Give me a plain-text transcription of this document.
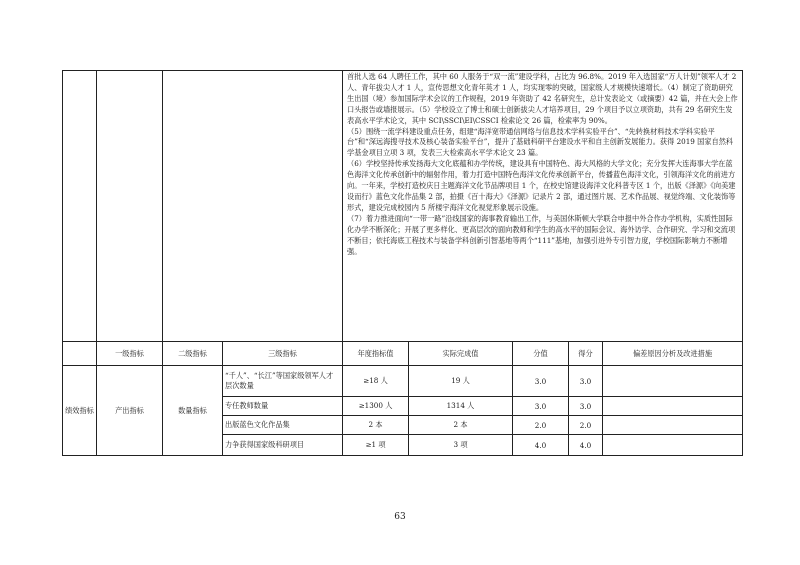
				首批人选 64 人聘任工作，其中 60 人服务于“双一流”建设学科，占比为 96.8%。2019 年入选国家“万人计划”领军人才 2 人、青年拔尖人才 1 人，宣传思想文化青年英才 1 人，均实现零的突破，国家级人才规模快速增长。（4）制定了资助研究生出国（境）参加国际学术会议的工作规程，2019 年资助了 42 名研究生，总计发表论文（或摘要）42 篇，并在大会上作口头报告或墙报展示。（5）学校设立了博士和硕士创新拔尖人才培养项目，29 个项目予以立项资助，共有 29 名研究生发表高水平学术论文，其中 SCI\SSCI\EI\CSSCI 检索论文 26 篇，检索率为 90%。

（5）围绕一流学科建设重点任务，组建“海洋宽带通信网络与信息技术学科实验平台”、“先转换材料技术学科实验平台”和“深远海搜寻技术及核心装备实验平台”，提升了基础科研平台建设水平和自主创新发展能力。获得 2019 国家自然科学基金项目立项 3 项，发表三大检索高水平学术论文 23 篇。

（6）学校坚持传承发扬海大文化底蕴和办学传统，建设具有中国特色、海大风格的大学文化；充分发挥大连海事大学在蓝色海洋文化传承创新中的辐射作用，着力打造中国特色海洋文化传承创新平台，传播蓝色海洋文化，引领海洋文化的前进方向。一年来，学校打造校庆日主题海洋文化节品牌项目 1 个，在校史馆建设海洋文化科普专区 1 个，出版《泽源》《向美建设而行》蓝色文化作品集 2 部，拍摄《百十海大》《泽源》记录片 2 部，通过图片展、艺术作品展、视觉终端、文化装饰等形式，建设完成校园内 5 所楼宇海洋文化视觉形象展示设施。

（7）着力推进面向“一带一路”沿线国家的海事教育输出工作，与美国休斯顿大学联合申报中外合作办学机构，实质性国际化办学不断深化；开展了更多样化、更高层次的面向教师和学生的高水平的国际会议、海外访学、合作研究、学习和交流项不断目；依托海底工程技术与装备学科创新引智基地等两个“111”基地，加强引进外专引智力度，学校国际影响力不断增强。				

	一级指标	二级指标	三级指标	年度指标值	实际完成值	分值	得分	偏差原因分析及改进措施
绩效指标	产出指标	数量指标	“千人”、“长江”等国家级领军人才层次数量	≥18 人	19 人	3.0	3.0	
			专任教师数量	≥1300 人	1314 人	3.0	3.0	
			出版蓝色文化作品集	2 本	2 本	2.0	2.0	
			力争获得国家级科研项目	≥1 项	3 项	4.0	4.0	
63
